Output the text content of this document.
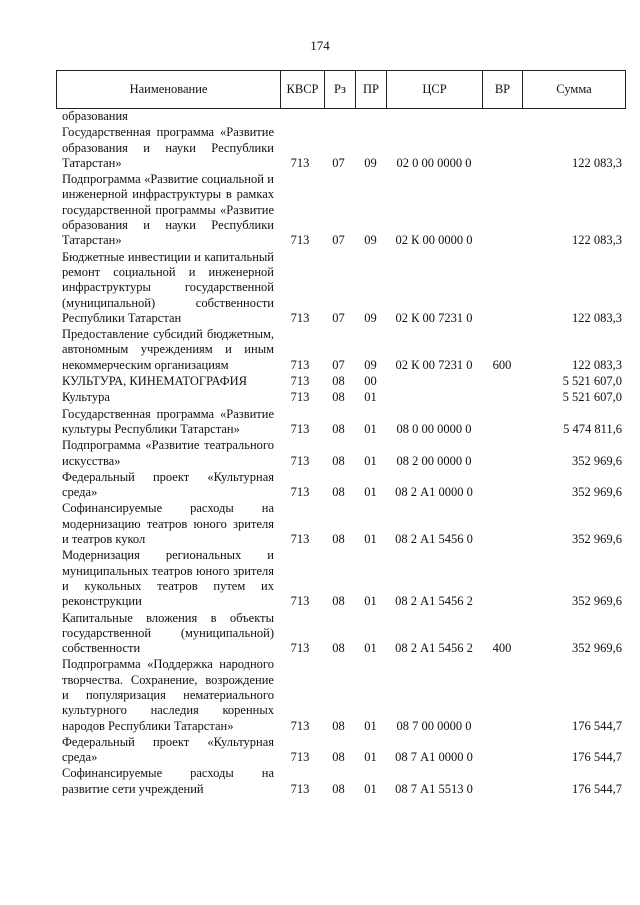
174
Наименование	КВСР	Рз	ПР	ЦСР	ВР	Сумма
образования						
Государственная программа «Развитие образования и науки Республики Татарстан»	713	07	09	02 0 00 0000 0		122 083,3
Подпрограмма «Развитие социальной и инженерной инфраструктуры в рамках государственной программы «Развитие образования и науки Республики Татарстан»	713	07	09	02 К 00 0000 0		122 083,3
Бюджетные инвестиции и капитальный ремонт социальной и инженерной инфраструктуры государственной (муниципальной) собственности Республики Татарстан	713	07	09	02 К 00 7231 0		122 083,3
Предоставление субсидий бюджетным, автономным учреждениям и иным некоммерческим организациям	713	07	09	02 К 00 7231 0	600	122 083,3
КУЛЬТУРА, КИНЕМАТОГРАФИЯ	713	08	00			5 521 607,0
Культура	713	08	01			5 521 607,0
Государственная программа «Развитие культуры Республики Татарстан»	713	08	01	08 0 00 0000 0		5 474 811,6
Подпрограмма «Развитие театрального искусства»	713	08	01	08 2 00 0000 0		352 969,6
Федеральный проект «Культурная среда»	713	08	01	08 2 А1 0000 0		352 969,6
Софинансируемые расходы на модернизацию театров юного зрителя и театров кукол	713	08	01	08 2 А1 5456 0		352 969,6
Модернизация региональных и муниципальных театров юного зрителя и кукольных театров путем их реконструкции	713	08	01	08 2 А1 5456 2		352 969,6
Капитальные вложения в объекты государственной (муниципальной) собственности	713	08	01	08 2 А1 5456 2	400	352 969,6
Подпрограмма «Поддержка народного творчества. Сохранение, возрождение и популяризация нематериального культурного наследия коренных народов Республики Татарстан»	713	08	01	08 7 00 0000 0		176 544,7
Федеральный проект «Культурная среда»	713	08	01	08 7 А1 0000 0		176 544,7
Софинансируемые расходы на развитие сети учреждений	713	08	01	08 7 А1 5513 0		176 544,7
